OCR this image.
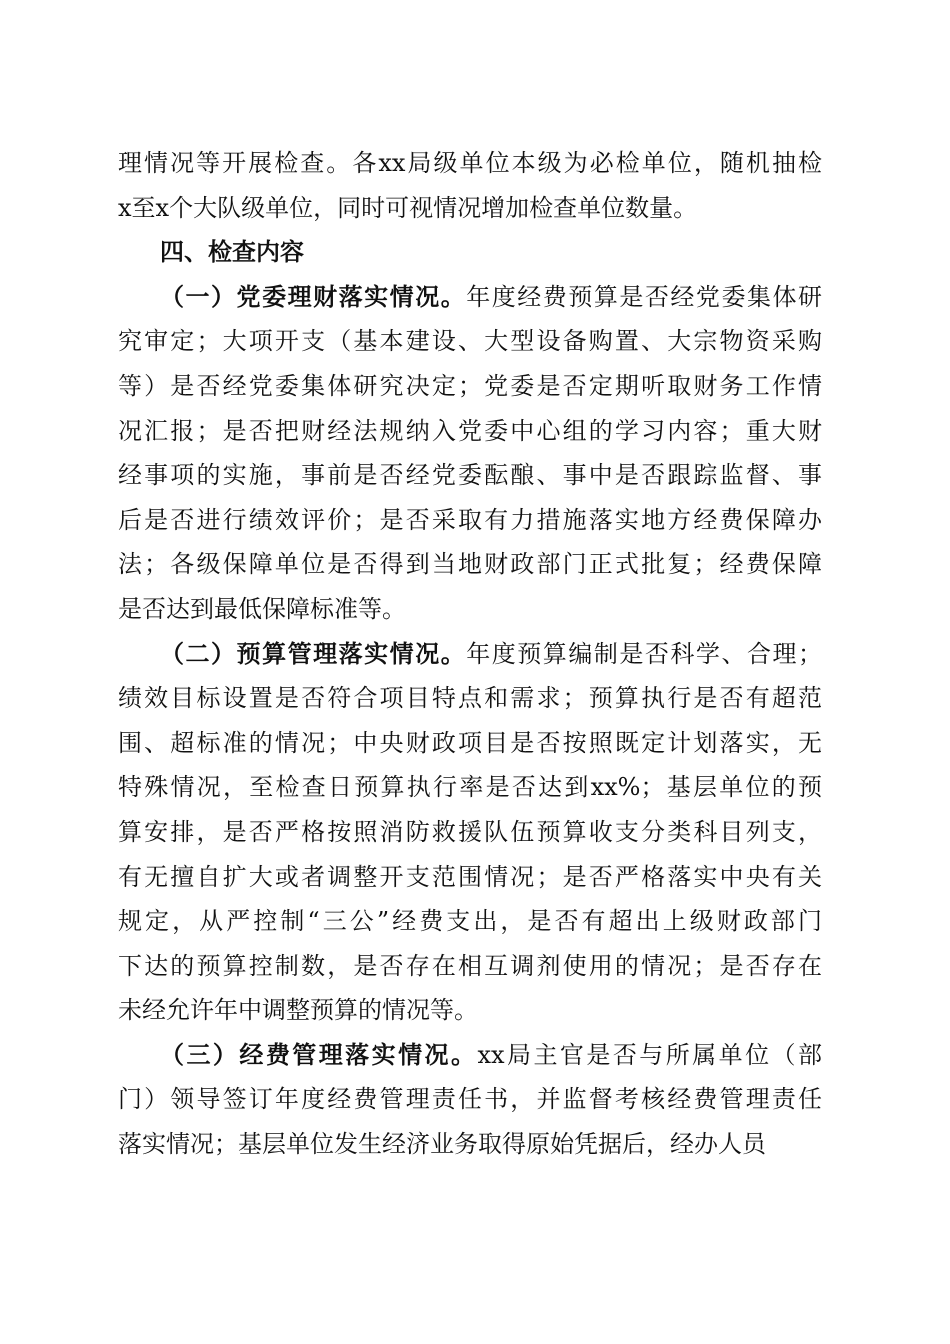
理情况等开展检查。各xx局级单位本级为必检单位，随机抽检
x至x个大队级单位，同时可视情况增加检查单位数量。
四、检查内容
（一）党委理财落实情况。年度经费预算是否经党委集体研
究审定；大项开支（基本建设、大型设备购置、大宗物资采购
等）是否经党委集体研究决定；党委是否定期听取财务工作情
况汇报；是否把财经法规纳入党委中心组的学习内容；重大财
经事项的实施，事前是否经党委酝酿、事中是否跟踪监督、事
后是否进行绩效评价；是否采取有力措施落实地方经费保障办
法；各级保障单位是否得到当地财政部门正式批复；经费保障
是否达到最低保障标准等。
（二）预算管理落实情况。年度预算编制是否科学、合理；
绩效目标设置是否符合项目特点和需求；预算执行是否有超范
围、超标准的情况；中央财政项目是否按照既定计划落实，无
特殊情况，至检查日预算执行率是否达到xx%；基层单位的预
算安排，是否严格按照消防救援队伍预算收支分类科目列支，
有无擅自扩大或者调整开支范围情况；是否严格落实中央有关
规定，从严控制“三公”经费支出，是否有超出上级财政部门
下达的预算控制数，是否存在相互调剂使用的情况；是否存在
未经允许年中调整预算的情况等。
（三）经费管理落实情况。xx局主官是否与所属单位（部
门）领导签订年度经费管理责任书，并监督考核经费管理责任
落实情况；基层单位发生经济业务取得原始凭据后，经办人员
